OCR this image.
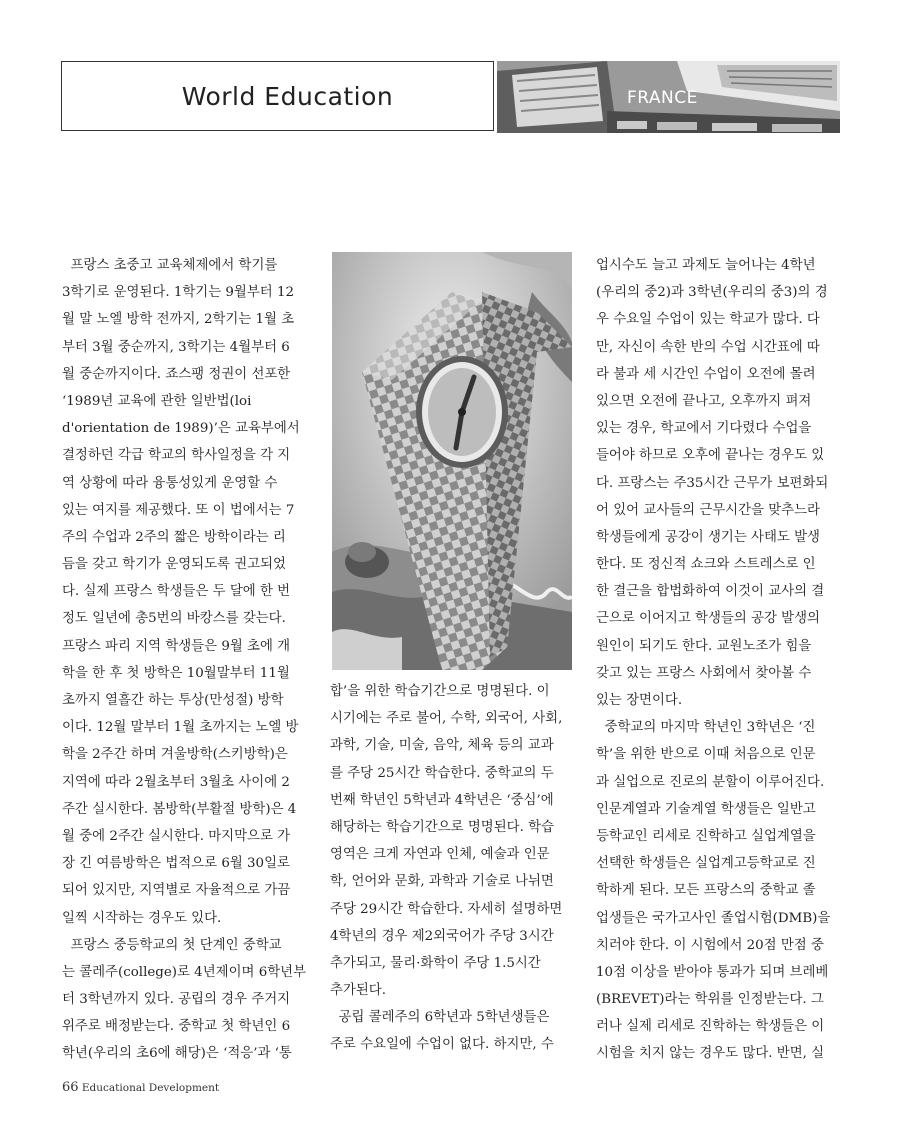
World Education	FRANCE
프랑스 초중고 교육체제에서 학기를
3학기로 운영된다. 1학기는 9월부터 12
월 말 노엘 방학 전까지, 2학기는 1월 초
부터 3월 중순까지, 3학기는 4월부터 6
월 중순까지이다. 죠스팽 정권이 선포한
‘1989년 교육에 관한 일반법(loi
d'orientation de 1989)’은 교육부에서
결정하던 각급 학교의 학사일정을 각 지
역 상황에 따라 융통성있게 운영할 수
있는 여지를 제공했다. 또 이 법에서는 7
주의 수업과 2주의 짧은 방학이라는 리
듬을 갖고 학기가 운영되도록 권고되었
다. 실제 프랑스 학생들은 두 달에 한 번
정도 일년에 총5번의 바캉스를 갖는다.
프랑스 파리 지역 학생들은 9월 초에 개
학을 한 후 첫 방학은 10월말부터 11월
초까지 열흘간 하는 투상(만성절) 방학
이다. 12월 말부터 1월 초까지는 노엘 방
학을 2주간 하며 겨울방학(스키방학)은
지역에 따라 2월초부터 3월초 사이에 2
주간 실시한다. 봄방학(부활절 방학)은 4
월 중에 2주간 실시한다. 마지막으로 가
장 긴 여름방학은 법적으로 6월 30일로
되어 있지만, 지역별로 자율적으로 가끔
일찍 시작하는 경우도 있다.
프랑스 중등학교의 첫 단계인 중학교
는 콜레주(college)로 4년제이며 6학년부
터 3학년까지 있다. 공립의 경우 주거지
위주로 배정받는다. 중학교 첫 학년인 6
학년(우리의 초6에 해당)은 ‘적응’과 ‘통
합’을 위한 학습기간으로 명명된다. 이
시기에는 주로 불어, 수학, 외국어, 사회,
과학, 기술, 미술, 음악, 체육 등의 교과
를 주당 25시간 학습한다. 중학교의 두
번째 학년인 5학년과 4학년은 ‘중심’에
해당하는 학습기간으로 명명된다. 학습
영역은 크게 자연과 인체, 예술과 인문
학, 언어와 문화, 과학과 기술로 나뉘면
주당 29시간 학습한다. 자세히 설명하면
4학년의 경우 제2외국어가 주당 3시간
추가되고, 물리·화학이 주당 1.5시간
추가된다.
공립 콜레주의 6학년과 5학년생들은
주로 수요일에 수업이 없다. 하지만, 수
업시수도 늘고 과제도 늘어나는 4학년
(우리의 중2)과 3학년(우리의 중3)의 경
우 수요일 수업이 있는 학교가 많다. 다
만, 자신이 속한 반의 수업 시간표에 따
라 불과 세 시간인 수업이 오전에 몰려
있으면 오전에 끝나고, 오후까지 펴져
있는 경우, 학교에서 기다렸다 수업을
들어야 하므로 오후에 끝나는 경우도 있
다. 프랑스는 주35시간 근무가 보편화되
어 있어 교사들의 근무시간을 맞추느라
학생들에게 공강이 생기는 사태도 발생
한다. 또 정신적 쇼크와 스트레스로 인
한 결근을 합법화하여 이것이 교사의 결
근으로 이어지고 학생들의 공강 발생의
원인이 되기도 한다. 교원노조가 힘을
갖고 있는 프랑스 사회에서 찾아볼 수
있는 장면이다.
중학교의 마지막 학년인 3학년은 ‘진
학’을 위한 반으로 이때 처음으로 인문
과 실업으로 진로의 분할이 이루어진다.
인문계열과 기술계열 학생들은 일반고
등학교인 리세로 진학하고 실업계열을
선택한 학생들은 실업계고등학교로 진
학하게 된다. 모든 프랑스의 중학교 졸
업생들은 국가고사인 졸업시험(DMB)을
치러야 한다. 이 시험에서 20점 만점 중
10점 이상을 받아야 통과가 되며 브레베
(BREVET)라는 학위를 인정받는다. 그
러나 실제 리세로 진학하는 학생들은 이
시험을 치지 않는 경우도 많다. 반면, 실
66 Educational Development
